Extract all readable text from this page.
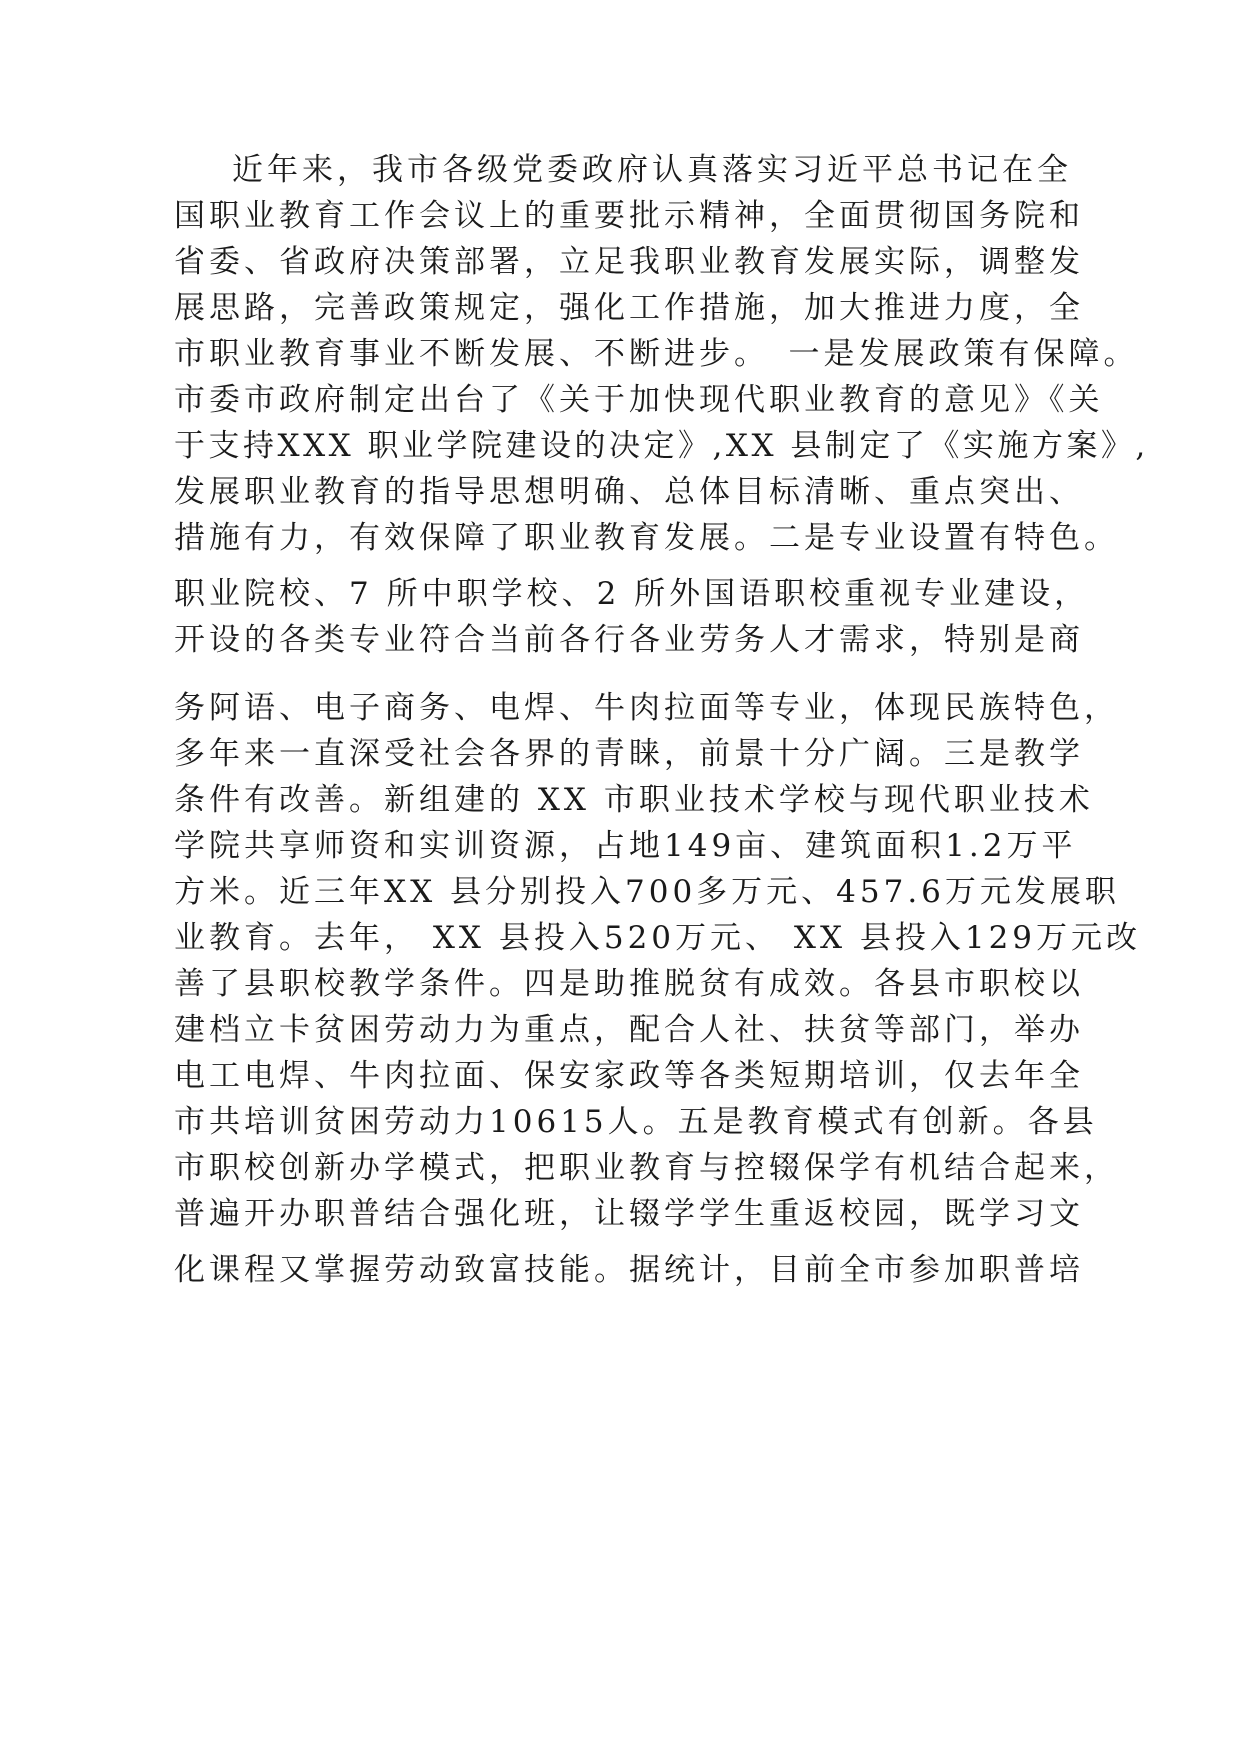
近年来，我市各级党委政府认真落实习近平总书记在全
国职业教育工作会议上的重要批示精神，全面贯彻国务院和
省委、省政府决策部署，立足我职业教育发展实际，调整发
展思路，完善政策规定，强化工作措施，加大推进力度，全
市职业教育事业不断发展、不断进步。　一是发展政策有保障。
市委市政府制定出台了《关于加快现代职业教育的意见》《关
于支持XXX 职业学院建设的决定》,XX 县制定了《实施方案》,
发展职业教育的指导思想明确、总体目标清晰、重点突出、
措施有力，有效保障了职业教育发展。二是专业设置有特色。
职业院校、7 所中职学校、2 所外国语职校重视专业建设，
开设的各类专业符合当前各行各业劳务人才需求，特别是商
务阿语、电子商务、电焊、牛肉拉面等专业，体现民族特色，
多年来一直深受社会各界的青睐，前景十分广阔。三是教学
条件有改善。新组建的 XX 市职业技术学校与现代职业技术
学院共享师资和实训资源，占地149亩、建筑面积1.2万平
方米。近三年XX 县分别投入700多万元、457.6万元发展职
业教育。去年， XX 县投入520万元、 XX 县投入129万元改
善了县职校教学条件。四是助推脱贫有成效。各县市职校以
建档立卡贫困劳动力为重点，配合人社、扶贫等部门，举办
电工电焊、牛肉拉面、保安家政等各类短期培训，仅去年全
市共培训贫困劳动力10615人。五是教育模式有创新。各县
市职校创新办学模式，把职业教育与控辍保学有机结合起来，
普遍开办职普结合强化班，让辍学学生重返校园，既学习文
化课程又掌握劳动致富技能。据统计，目前全市参加职普培
